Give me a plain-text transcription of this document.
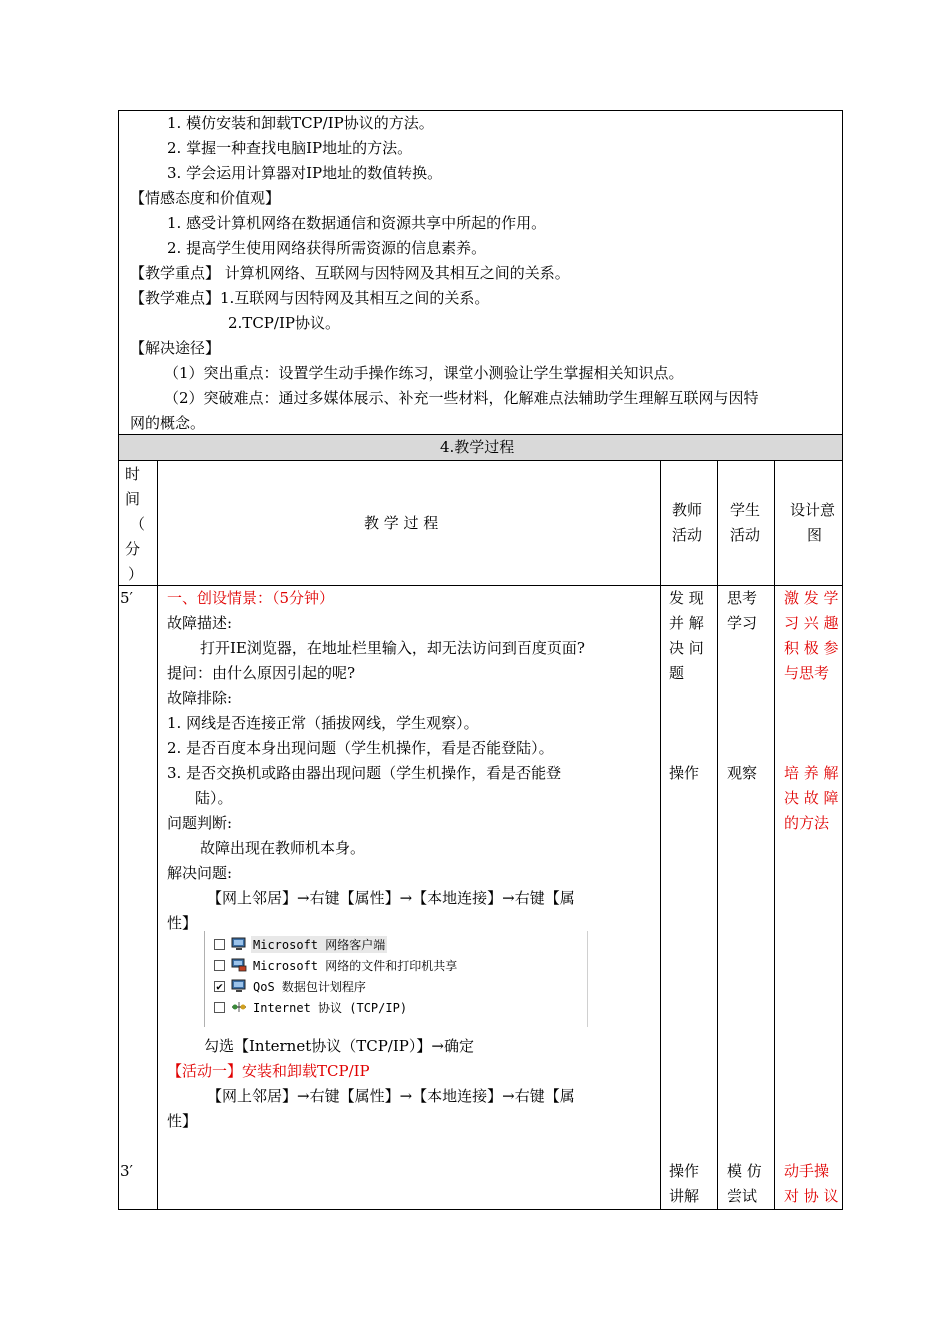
1. 模仿安装和卸载TCP/IP协议的方法。
2. 掌握一种查找电脑IP地址的方法。
3. 学会运用计算器对IP地址的数值转换。
【情感态度和价值观】
1. 感受计算机网络在数据通信和资源共享中所起的作用。
2. 提高学生使用网络获得所需资源的信息素养。
【教学重点】 计算机网络、互联网与因特网及其相互之间的关系。
【教学难点】1.互联网与因特网及其相互之间的关系。
2.TCP/IP协议。
【解决途径】
（1）突出重点：设置学生动手操作练习，课堂小测验让学生掌握相关知识点。
（2）突破难点：通过多媒体展示、补充一些材料，化解难点法辅助学生理解互联网与因特
网的概念。
4.教学过程
时
间
（
分
）
教 学 过 程
教师
活动
学生
活动
设计意
图
5′ 一、创设情景：（5分钟）
故障描述:
打开IE浏览器，在地址栏里输入，却无法访问到百度页面?
提问：由什么原因引起的呢?
故障排除:
1. 网线是否连接正常（插拔网线，学生观察）。
2. 是否百度本身出现问题（学生机操作，看是否能登陆）。
3. 是否交换机或路由器出现问题（学生机操作，看是否能登
陆）。
问题判断:
故障出现在教师机本身。
解决问题:
【网上邻居】→右键【属性】→【本地连接】→右键【属
性】
Microsoft 网络客户端
Microsoft 网络的文件和打印机共享
✔	QoS 数据包计划程序
Internet 协议 (TCP/IP)
勾选【Internet协议（TCP/IP）】→确定
【活动一】安装和卸载TCP/IP
【网上邻居】→右键【属性】→【本地连接】→右键【属
性】
发 现
并 解
决 问
题
思考
学习
激 发 学
习 兴 趣
积 极 参
与思考
操作 观察 培 养 解
决 故 障
的方法
3′	操作
讲解
模 仿
尝试
动手操
对 协 议
